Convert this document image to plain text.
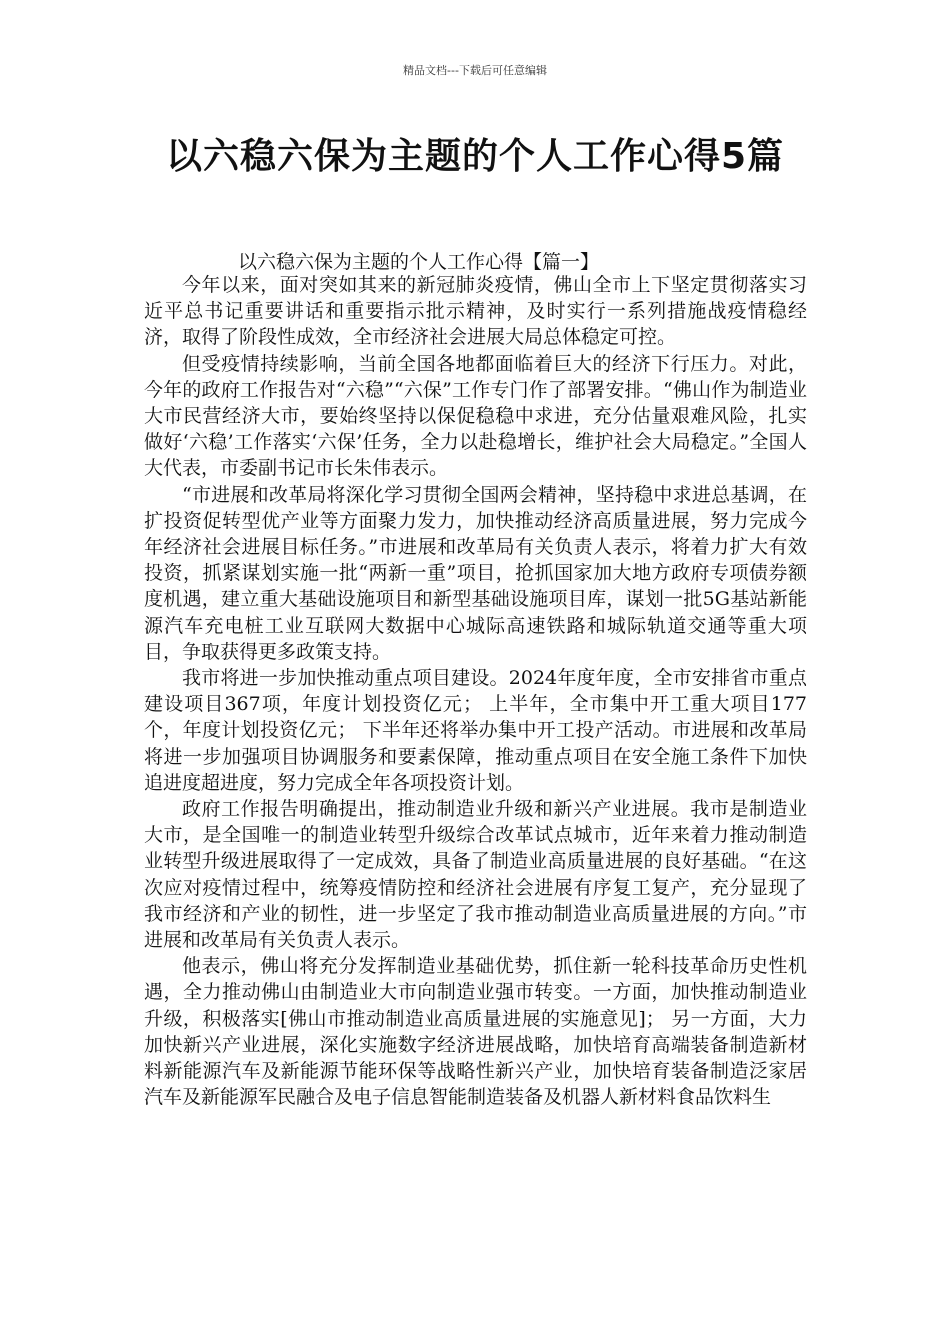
精品文档---下载后可任意编辑
以六稳六保为主题的个人工作心得5篇
以六稳六保为主题的个人工作心得【篇一】

今年以来，面对突如其来的新冠肺炎疫情，佛山全市上下坚定贯彻落实习近平总书记重要讲话和重要指示批示精神，及时实行一系列措施战疫情稳经济，取得了阶段性成效，全市经济社会进展大局总体稳定可控。

但受疫情持续影响，当前全国各地都面临着巨大的经济下行压力。对此，今年的政府工作报告对“六稳”“六保”工作专门作了部署安排。“佛山作为制造业大市民营经济大市，要始终坚持以保促稳稳中求进，充分估量艰难风险，扎实做好‘六稳’工作落实‘六保’任务，全力以赴稳增长，维护社会大局稳定。”全国人大代表，市委副书记市长朱伟表示。

“市进展和改革局将深化学习贯彻全国两会精神，坚持稳中求进总基调，在扩投资促转型优产业等方面聚力发力，加快推动经济高质量进展，努力完成今年经济社会进展目标任务。”市进展和改革局有关负责人表示，将着力扩大有效投资，抓紧谋划实施一批“两新一重”项目，抢抓国家加大地方政府专项债券额度机遇，建立重大基础设施项目和新型基础设施项目库，谋划一批5G基站新能源汽车充电桩工业互联网大数据中心城际高速铁路和城际轨道交通等重大项目，争取获得更多政策支持。

我市将进一步加快推动重点项目建设。2024年度年度，全市安排省市重点建设项目367项，年度计划投资亿元； 上半年，全市集中开工重大项目177个，年度计划投资亿元； 下半年还将举办集中开工投产活动。市进展和改革局将进一步加强项目协调服务和要素保障，推动重点项目在安全施工条件下加快追进度超进度，努力完成全年各项投资计划。

政府工作报告明确提出，推动制造业升级和新兴产业进展。我市是制造业大市，是全国唯一的制造业转型升级综合改革试点城市，近年来着力推动制造业转型升级进展取得了一定成效，具备了制造业高质量进展的良好基础。“在这次应对疫情过程中，统筹疫情防控和经济社会进展有序复工复产，充分显现了我市经济和产业的韧性，进一步坚定了我市推动制造业高质量进展的方向。”市进展和改革局有关负责人表示。

他表示，佛山将充分发挥制造业基础优势，抓住新一轮科技革命历史性机遇，全力推动佛山由制造业大市向制造业强市转变。一方面，加快推动制造业升级，积极落实[佛山市推动制造业高质量进展的实施意见]； 另一方面，大力加快新兴产业进展，深化实施数字经济进展战略，加快培育高端装备制造新材料新能源汽车及新能源节能环保等战略性新兴产业，加快培育装备制造泛家居汽车及新能源军民融合及电子信息智能制造装备及机器人新材料食品饮料生
